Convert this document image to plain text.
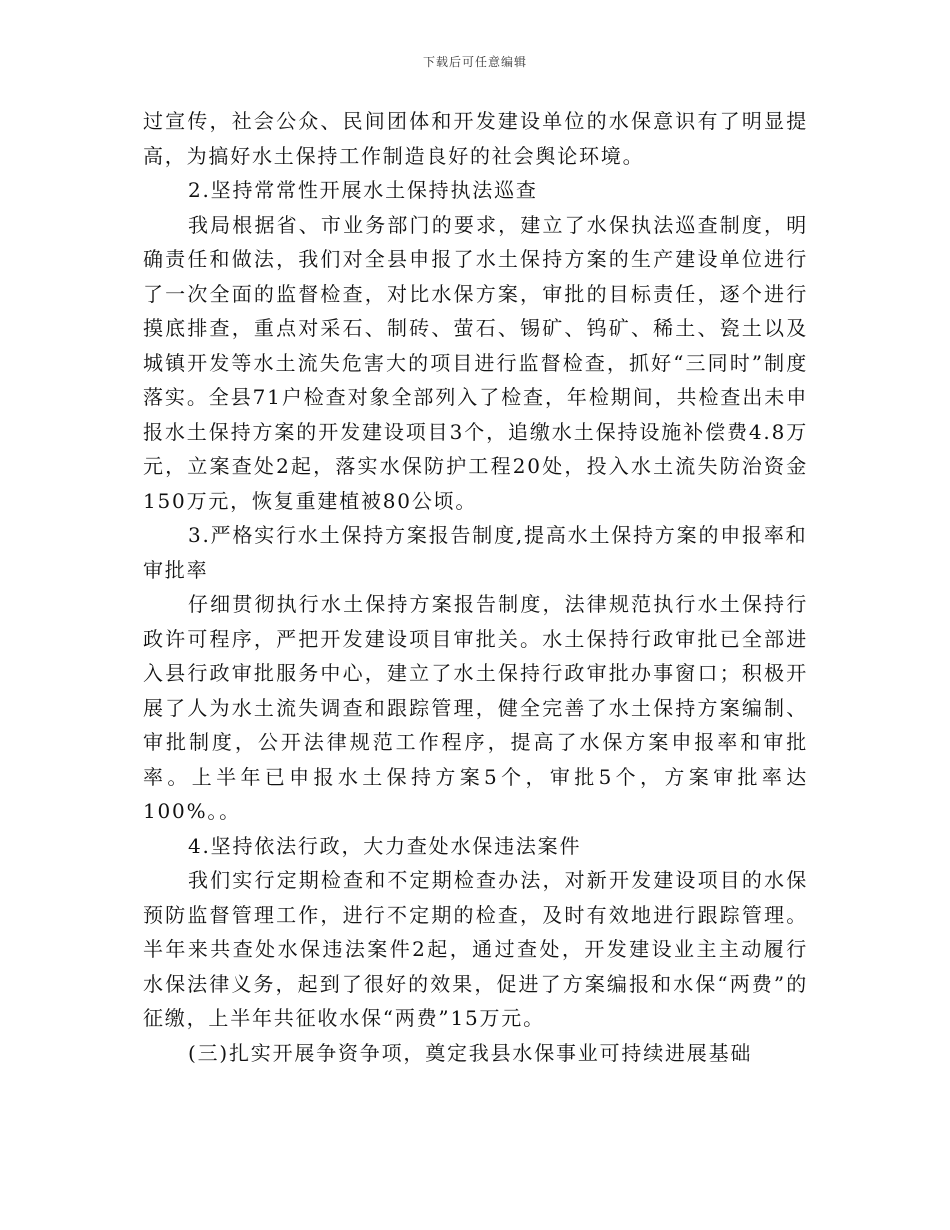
下载后可任意编辑

过宣传，社会公众、民间团体和开发建设单位的水保意识有了明显提高，为搞好水土保持工作制造良好的社会舆论环境。

2.坚持常常性开展水土保持执法巡查

我局根据省、市业务部门的要求，建立了水保执法巡查制度，明确责任和做法，我们对全县申报了水土保持方案的生产建设单位进行了一次全面的监督检查，对比水保方案，审批的目标责任，逐个进行摸底排查，重点对采石、制砖、萤石、锡矿、钨矿、稀土、瓷土以及城镇开发等水土流失危害大的项目进行监督检查，抓好“三同时”制度落实。全县71户检查对象全部列入了检查，年检期间，共检查出未申报水土保持方案的开发建设项目3个，追缴水土保持设施补偿费4.8万元，立案查处2起，落实水保防护工程20处，投入水土流失防治资金150万元，恢复重建植被80公顷。

3.严格实行水土保持方案报告制度,提高水土保持方案的申报率和审批率

仔细贯彻执行水土保持方案报告制度，法律规范执行水土保持行政许可程序，严把开发建设项目审批关。水土保持行政审批已全部进入县行政审批服务中心，建立了水土保持行政审批办事窗口；积极开展了人为水土流失调查和跟踪管理，健全完善了水土保持方案编制、审批制度，公开法律规范工作程序，提高了水保方案申报率和审批率。上半年已申报水土保持方案5个，审批5个，方案审批率达100%。。

4.坚持依法行政，大力查处水保违法案件

我们实行定期检查和不定期检查办法，对新开发建设项目的水保预防监督管理工作，进行不定期的检查，及时有效地进行跟踪管理。半年来共查处水保违法案件2起，通过查处，开发建设业主主动履行水保法律义务，起到了很好的效果，促进了方案编报和水保“两费”的征缴，上半年共征收水保“两费”15万元。

(三)扎实开展争资争项，奠定我县水保事业可持续进展基础
